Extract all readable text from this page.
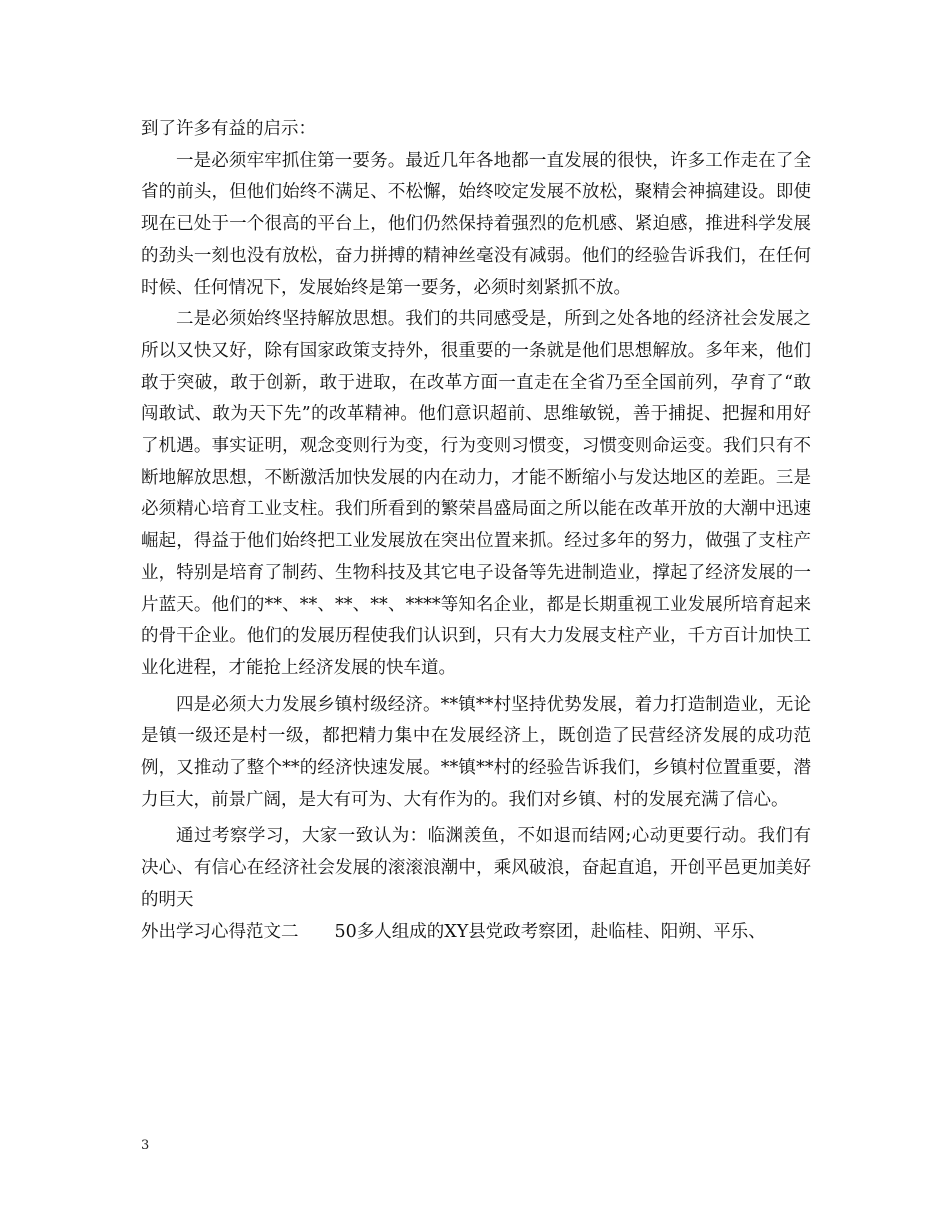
到了许多有益的启示：

一是必须牢牢抓住第一要务。最近几年各地都一直发展的很快，许多工作走在了全省的前头，但他们始终不满足、不松懈，始终咬定发展不放松，聚精会神搞建设。即使现在已处于一个很高的平台上，他们仍然保持着强烈的危机感、紧迫感，推进科学发展的劲头一刻也没有放松，奋力拼搏的精神丝毫没有减弱。他们的经验告诉我们，在任何时候、任何情况下，发展始终是第一要务，必须时刻紧抓不放。

二是必须始终坚持解放思想。我们的共同感受是，所到之处各地的经济社会发展之所以又快又好，除有国家政策支持外，很重要的一条就是他们思想解放。多年来，他们敢于突破，敢于创新，敢于进取，在改革方面一直走在全省乃至全国前列，孕育了“敢闯敢试、敢为天下先”的改革精神。他们意识超前、思维敏锐，善于捕捉、把握和用好了机遇。事实证明，观念变则行为变，行为变则习惯变，习惯变则命运变。我们只有不断地解放思想，不断激活加快发展的内在动力，才能不断缩小与发达地区的差距。三是必须精心培育工业支柱。我们所看到的繁荣昌盛局面之所以能在改革开放的大潮中迅速崛起，得益于他们始终把工业发展放在突出位置来抓。经过多年的努力，做强了支柱产业，特别是培育了制药、生物科技及其它电子设备等先进制造业，撑起了经济发展的一片蓝天。他们的**、**、**、**、****等知名企业，都是长期重视工业发展所培育起来的骨干企业。他们的发展历程使我们认识到，只有大力发展支柱产业，千方百计加快工业化进程，才能抢上经济发展的快车道。

四是必须大力发展乡镇村级经济。**镇**村坚持优势发展，着力打造制造业，无论是镇一级还是村一级，都把精力集中在发展经济上，既创造了民营经济发展的成功范例，又推动了整个**的经济快速发展。**镇**村的经验告诉我们，乡镇村位置重要，潜力巨大，前景广阔，是大有可为、大有作为的。我们对乡镇、村的发展充满了信心。

通过考察学习，大家一致认为：临渊羡鱼，不如退而结网;心动更要行动。我们有决心、有信心在经济社会发展的滚滚浪潮中，乘风破浪，奋起直追，开创平邑更加美好的明天

外出学习心得范文二 50多人组成的XY县党政考察团，赴临桂、阳朔、平乐、

3
